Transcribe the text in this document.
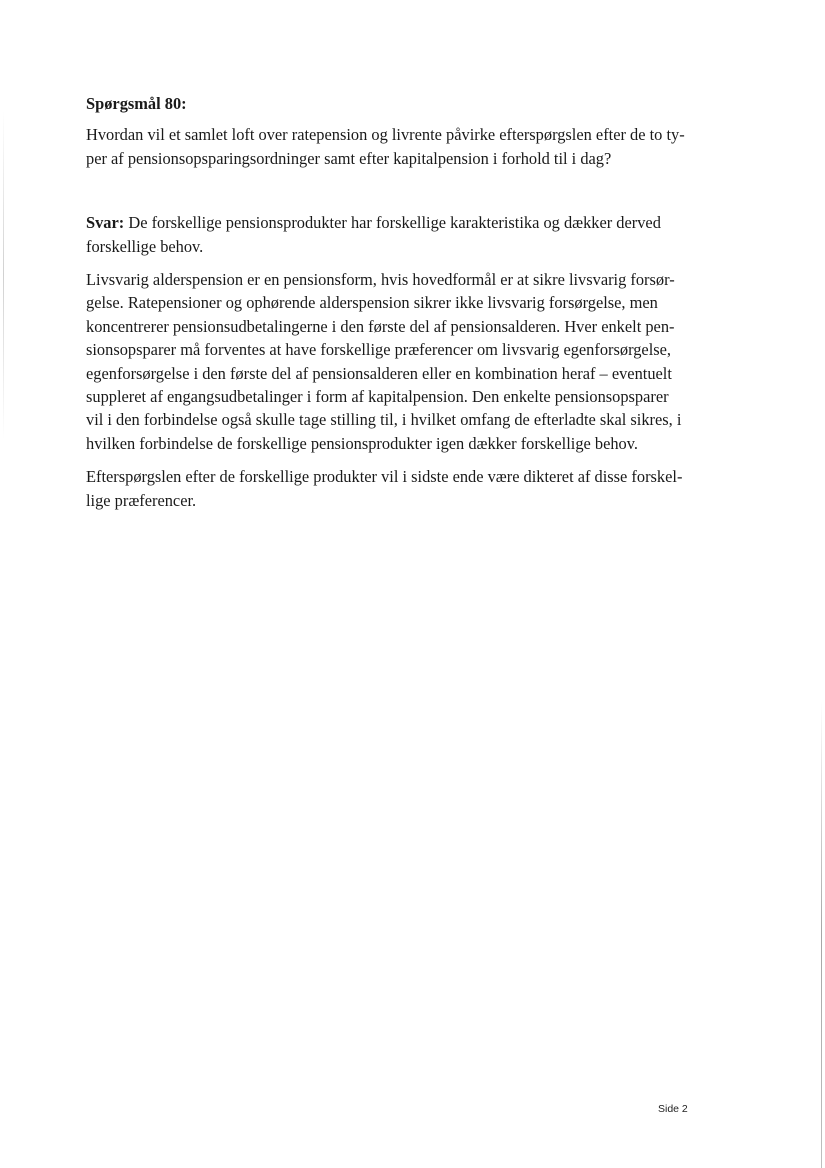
Spørgsmål 80:

Hvordan vil et samlet loft over ratepension og livrente påvirke efterspørgslen efter de to ty-
per af pensionsopsparingsordninger samt efter kapitalpension i forhold til i dag?

Svar: De forskellige pensionsprodukter har forskellige karakteristika og dækker derved
forskellige behov.

Livsvarig alderspension er en pensionsform, hvis hovedformål er at sikre livsvarig forsør-
gelse. Ratepensioner og ophørende alderspension sikrer ikke livsvarig forsørgelse, men
koncentrerer pensionsudbetalingerne i den første del af pensionsalderen. Hver enkelt pen-
sionsopsparer må forventes at have forskellige præferencer om livsvarig egenforsørgelse,
egenforsørgelse i den første del af pensionsalderen eller en kombination heraf – eventuelt
suppleret af engangsudbetalinger i form af kapitalpension. Den enkelte pensionsopsparer
vil i den forbindelse også skulle tage stilling til, i hvilket omfang de efterladte skal sikres, i
hvilken forbindelse de forskellige pensionsprodukter igen dækker forskellige behov.

Efterspørgslen efter de forskellige produkter vil i sidste ende være dikteret af disse forskel-
lige præferencer.

Side 2
